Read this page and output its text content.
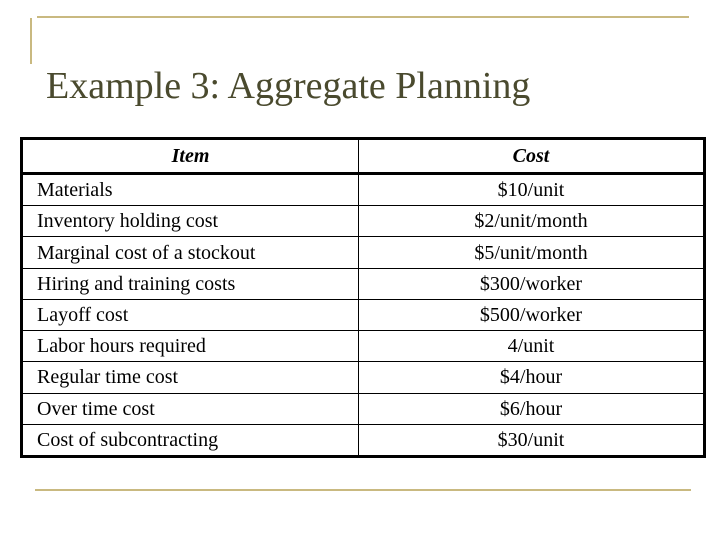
Example 3: Aggregate Planning
Item	Cost
Materials	$10/unit
Inventory holding cost	$2/unit/month
Marginal cost of a stockout	$5/unit/month
Hiring and training costs	$300/worker
Layoff cost	$500/worker
Labor hours required	4/unit
Regular time cost	$4/hour
Over time cost	$6/hour
Cost of subcontracting	$30/unit
